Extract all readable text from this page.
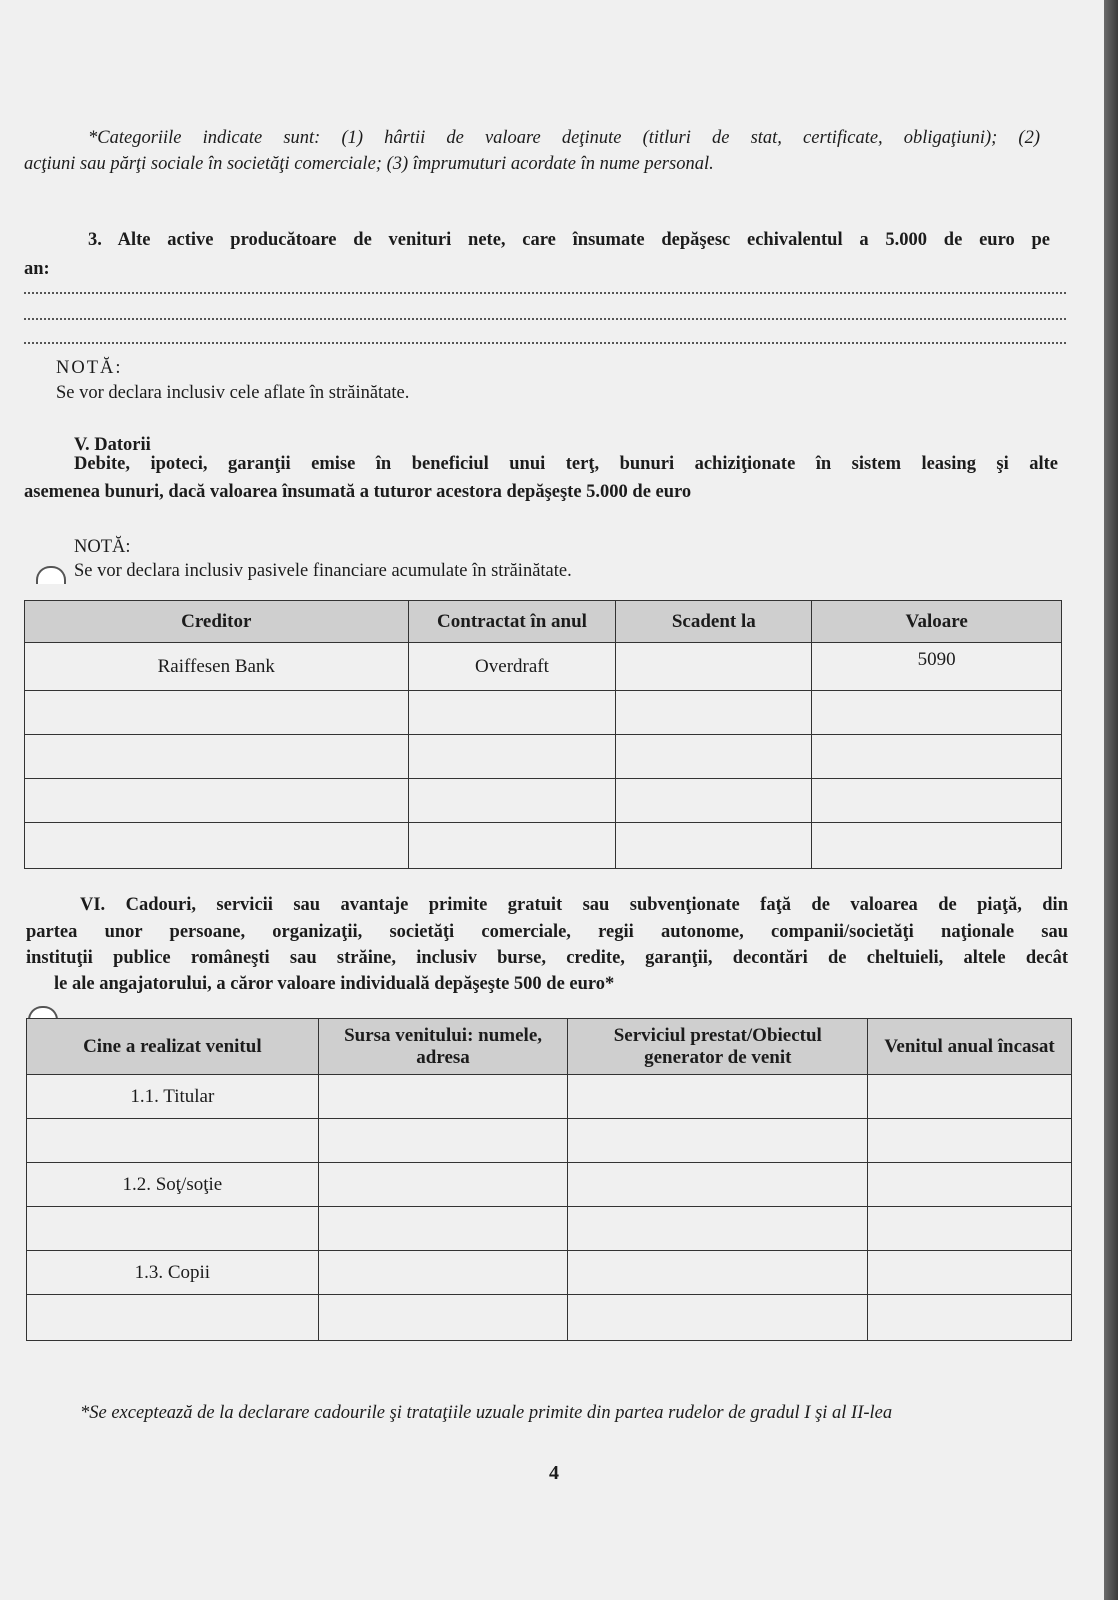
*Categoriile indicate sunt: (1) hârtii de valoare deţinute (titluri de stat, certificate, obligaţiuni); (2)
acţiuni sau părţi sociale în societăţi comerciale; (3) împrumuturi acordate în nume personal.
3. Alte active producătoare de venituri nete, care însumate depăşesc echivalentul a 5.000 de euro pe
an:
NOTĂ:
Se vor declara inclusiv cele aflate în străinătate.
V. Datorii
Debite, ipoteci, garanţii emise în beneficiul unui terţ, bunuri achiziţionate în sistem leasing şi alte
asemenea bunuri, dacă valoarea însumată a tuturor acestora depăşeşte 5.000 de euro
NOTĂ:
Se vor declara inclusiv pasivele financiare acumulate în străinătate.
Creditor	Contractat în anul	Scadent la	Valoare
Raiffesen Bank	Overdraft		5090

VI. Cadouri, servicii sau avantaje primite gratuit sau subvenţionate faţă de valoarea de piaţă, din
partea unor persoane, organizaţii, societăţi comerciale, regii autonome, companii/societăţi naţionale sau
instituţii publice româneşti sau străine, inclusiv burse, credite, garanţii, decontări de cheltuieli, altele decât
le ale angajatorului, a căror valoare individuală depăşeşte 500 de euro*
Cine a realizat venitul	Sursa venitului: numele, adresa	Serviciul prestat/Obiectul generator de venit	Venitul anual încasat
1.1. Titular			

1.2. Soţ/soţie			

1.3. Copii			

*Se exceptează de la declarare cadourile şi trataţiile uzuale primite din partea rudelor de gradul I şi al II-lea
4
